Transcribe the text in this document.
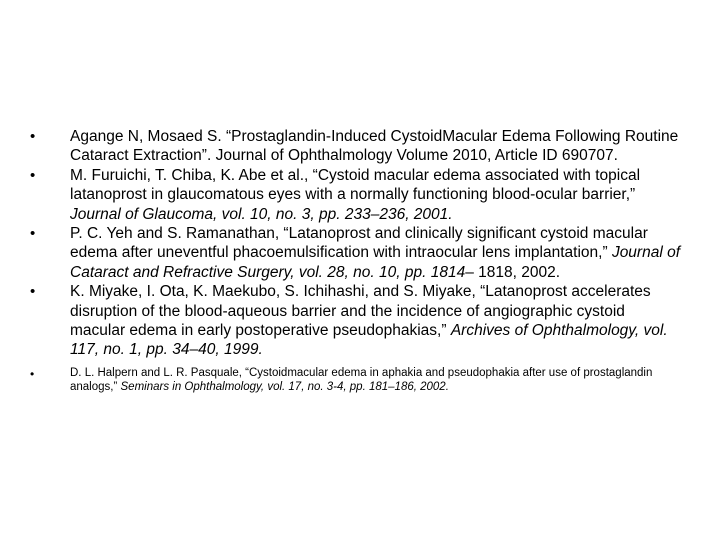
• Agange N, Mosaed S. “Prostaglandin-Induced CystoidMacular Edema Following Routine Cataract Extraction”. Journal of Ophthalmology Volume 2010, Article ID 690707.
• M. Furuichi, T. Chiba, K. Abe et al., “Cystoid macular edema associated with topical latanoprost in glaucomatous eyes with a normally functioning blood-ocular barrier,” Journal of Glaucoma, vol. 10, no. 3, pp. 233–236, 2001.
• P. C. Yeh and S. Ramanathan, “Latanoprost and clinically significant cystoid macular edema after uneventful phacoemulsification with intraocular lens implantation,” Journal of Cataract and Refractive Surgery, vol. 28, no. 10, pp. 1814– 1818, 2002.
• K. Miyake, I. Ota, K. Maekubo, S. Ichihashi, and S. Miyake, “Latanoprost accelerates disruption of the blood-aqueous barrier and the incidence of angiographic cystoid macular edema in early postoperative pseudophakias,” Archives of Ophthalmology, vol. 117, no. 1, pp. 34–40, 1999.
•	D. L. Halpern and L. R. Pasquale, “Cystoidmacular edema in aphakia and pseudophakia after use of prostaglandin analogs,” Seminars in Ophthalmology, vol. 17, no. 3-4, pp. 181–186, 2002.
